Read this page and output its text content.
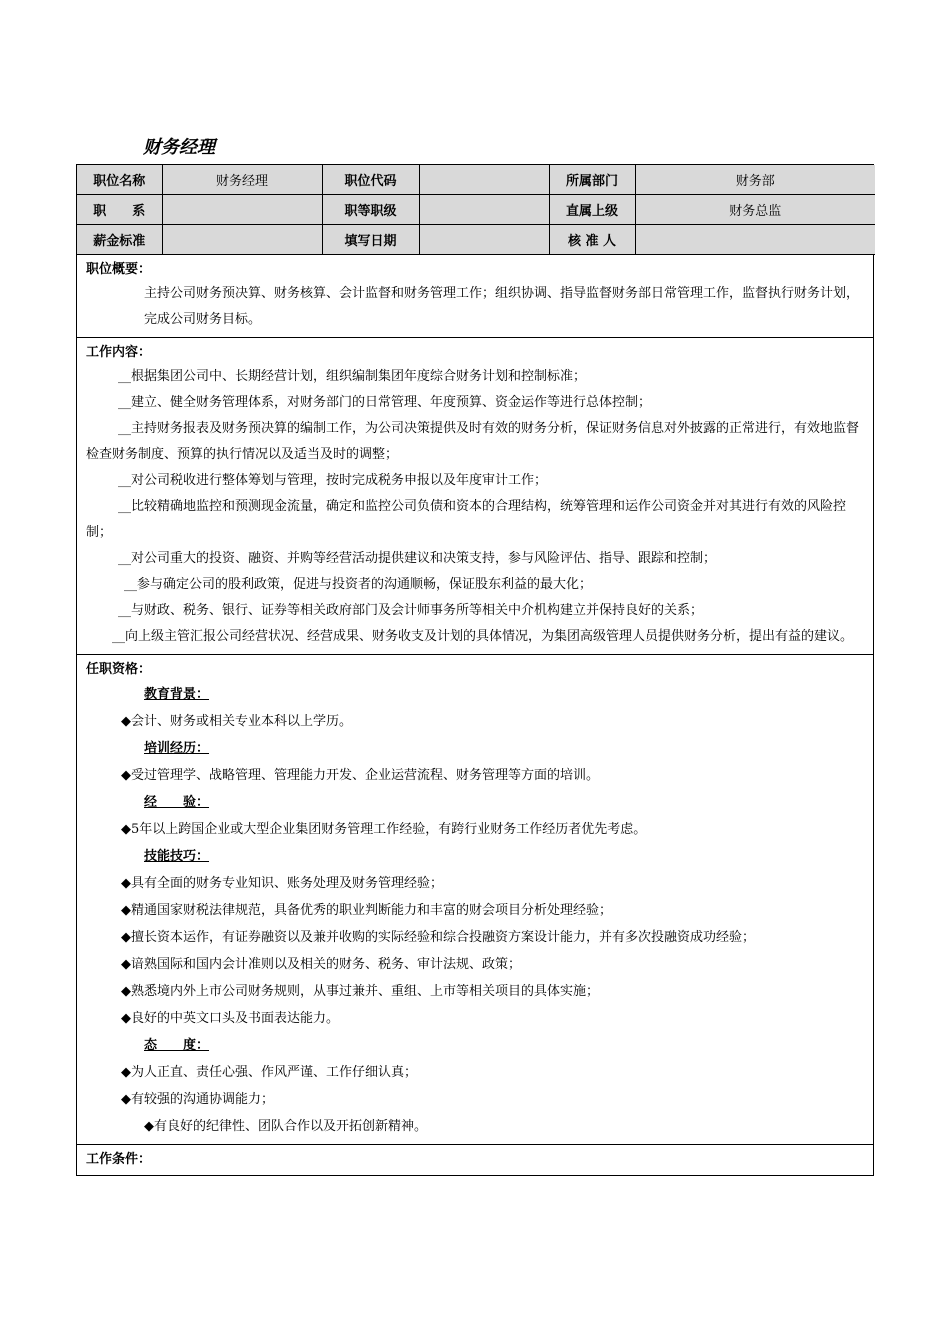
财务经理
职位名称	财务经理	职位代码		所属部门	财务部
职　　系		职等职级		直属上级	财务总监
薪金标准		填写日期		核 准 人	
职位概要：
主持公司财务预决算、财务核算、会计监督和财务管理工作；组织协调、指导监督财务部日常管理工作，监督执行财务计划，完成公司财务目标。
工作内容：
__根据集团公司中、长期经营计划，组织编制集团年度综合财务计划和控制标准；
__建立、健全财务管理体系，对财务部门的日常管理、年度预算、资金运作等进行总体控制；
__主持财务报表及财务预决算的编制工作，为公司决策提供及时有效的财务分析，保证财务信息对外披露的正常进行，有效地监督检查财务制度、预算的执行情况以及适当及时的调整；
__对公司税收进行整体筹划与管理，按时完成税务申报以及年度审计工作；
__比较精确地监控和预测现金流量，确定和监控公司负债和资本的合理结构，统筹管理和运作公司资金并对其进行有效的风险控制；
__对公司重大的投资、融资、并购等经营活动提供建议和决策支持，参与风险评估、指导、跟踪和控制；
__参与确定公司的股利政策，促进与投资者的沟通顺畅，保证股东利益的最大化；
__与财政、税务、银行、证券等相关政府部门及会计师事务所等相关中介机构建立并保持良好的关系；
__向上级主管汇报公司经营状况、经营成果、财务收支及计划的具体情况，为集团高级管理人员提供财务分析，提出有益的建议。
任职资格：
教育背景：
◆会计、财务或相关专业本科以上学历。
培训经历：
◆受过管理学、战略管理、管理能力开发、企业运营流程、财务管理等方面的培训。
经　　验：
◆5年以上跨国企业或大型企业集团财务管理工作经验，有跨行业财务工作经历者优先考虑。
技能技巧：
◆具有全面的财务专业知识、账务处理及财务管理经验；
◆精通国家财税法律规范，具备优秀的职业判断能力和丰富的财会项目分析处理经验；
◆擅长资本运作，有证券融资以及兼并收购的实际经验和综合投融资方案设计能力，并有多次投融资成功经验；
◆谙熟国际和国内会计准则以及相关的财务、税务、审计法规、政策；
◆熟悉境内外上市公司财务规则，从事过兼并、重组、上市等相关项目的具体实施；
◆良好的中英文口头及书面表达能力。
态　　度：
◆为人正直、责任心强、作风严谨、工作仔细认真；
◆有较强的沟通协调能力；
◆有良好的纪律性、团队合作以及开拓创新精神。
工作条件：
